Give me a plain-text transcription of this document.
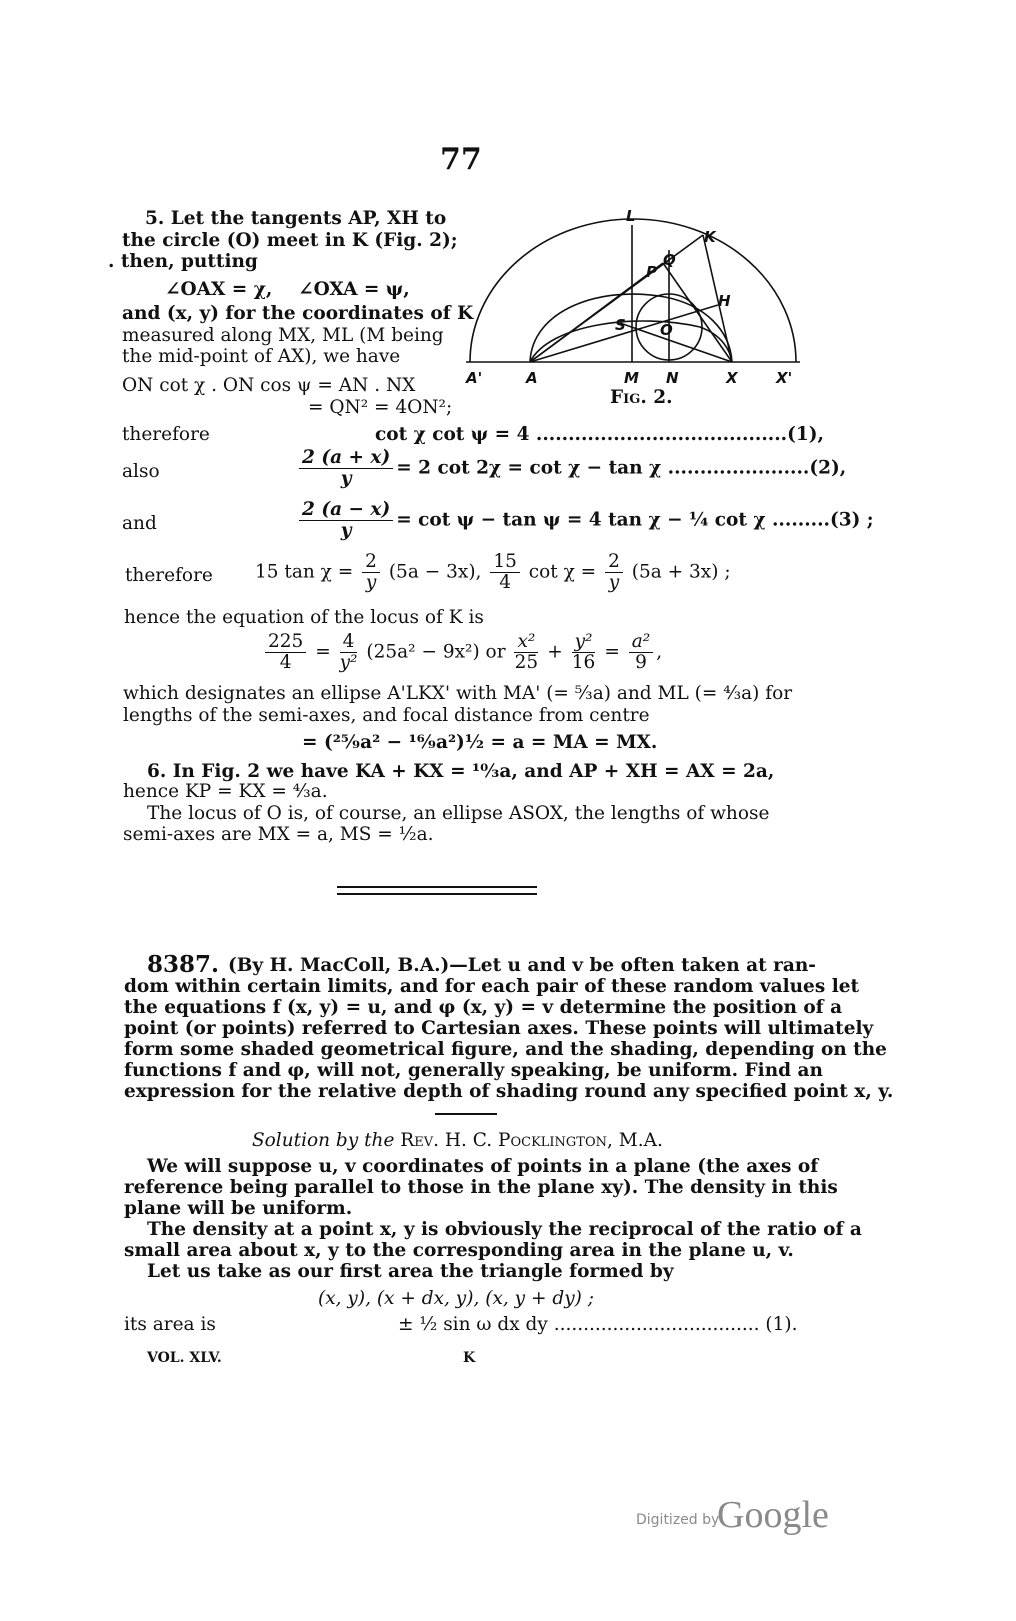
77
5. Let the tangents AP, XH to
the circle (O) meet in K (Fig. 2);
. then, putting
∠OAX = χ,    ∠OXA = ψ,
and (x, y) for the coordinates of K
measured along MX, ML (M being
the mid-point of AX), we have
ON cot χ . ON cos ψ = AN . NX
= QN² = 4ON²;
L
K
Q
P
H
S O
A'	A	M N	X	X'
Fig. 2.
therefore	cot χ cot ψ = 4 .......................................(1),
also	$\frac{2 (a + x)}{y} = 2$ cot 2χ = cot χ − tan χ ......................(2),
and	$\frac{2 (a - x)}{y} = \cot \psi - \tan \psi = 4$ tan χ − ¼ cot χ .........(3) ;
therefore 15 $\tan \chi = \frac{2}{y} (5a - 3x)$, $\frac{15}{4}$ $\cot \chi = \frac{2}{y} (5a + 3x)$ ;
hence the equation of the locus of K is
$\frac{225}{4} = \frac{4}{\text{y²}} (25a^2 - 9x^2)$ or $\frac{\text{x²}}{25} + \frac{\text{y²}}{16} = \frac{\text{a²}}{9}$ ,
which designates an ellipse A'LKX' with MA' (= ⁵⁄₃a) and ML (= ⁴⁄₃a) for
lengths of the semi-axes, and focal distance from centre
= (²⁵⁄₉a² − ¹⁶⁄₉a²)½ = a = MA = MX.
6. In Fig. 2 we have KA + KX = ¹⁰⁄₃a, and AP + XH = AX = 2a,
hence KP = KX = ⁴⁄₃a.
The locus of O is, of course, an ellipse ASOX, the lengths of whose
semi-axes are MX = a, MS = ½a.
8387. (By H. MacColl, B.A.)—Let u and v be often taken at ran-
dom within certain limits, and for each pair of these random values let
the equations f (x, y) = u, and φ (x, y) = v determine the position of a
point (or points) referred to Cartesian axes. These points will ultimately
form some shaded geometrical figure, and the shading, depending on the
functions f and φ, will not, generally speaking, be uniform. Find an
expression for the relative depth of shading round any specified point x, y.
Solution by the Rev. H. C. Pocklington, M.A.
We will suppose u, v coordinates of points in a plane (the axes of
reference being parallel to those in the plane xy). The density in this
plane will be uniform.
The density at a point x, y is obviously the reciprocal of the ratio of a
small area about x, y to the corresponding area in the plane u, v.
Let us take as our first area the triangle formed by
(x, y), (x + dx, y), (x, y + dy) ;
its area is	± ½ sin ω dx dy ................................... (1).
VOL. XLV.	K
Digitized by
Google
